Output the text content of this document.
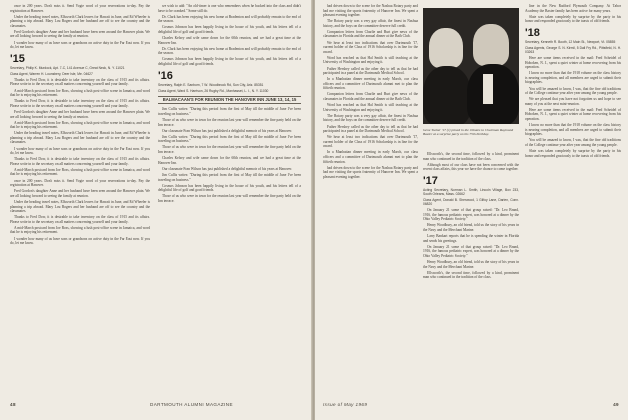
once in 200 years. Don't miss it. Send Vogie word of your reservations to-day. Pay the registration at Hanover.

Under the heading travel notes, Ellsworth Clark leaves for Hawaii in June, and Ed Wheeler is planning a trip abroad. Mary Lou Rogers and her husband are off to see the country and the classmates.

Fred Gordon's daughter Anne and her husband have been seen around the Hanover plain. We are all looking forward to seeing the family at reunion.

I wonder how many of us have sons or grandsons on active duty in the Far East now. If you do, let me know.

'15

Secretary, Philip K. Murdock, Apt. 7-C, 141 Avenue C, Great Neck, N. Y. 11021

Class Agent, Warren H. Lounsbery, Deer Isle, Me. 04627

Thanks to Fred Dow, it is desirable to take inventory on the class of 1915 and its affairs. Please write in to the secretary on all matters concerning yourself and your family.

A mid-March postcard from Joe Ross, showing a lush post-office scene in Jamaica, and word that he is enjoying his retirement.

Thanks to Fred Dow, it is desirable to take inventory on the class of 1915 and its affairs. Please write in to the secretary on all matters concerning yourself and your family.

Fred Gordon's daughter Anne and her husband have been seen around the Hanover plain. We are all looking forward to seeing the family at reunion.

A mid-March postcard from Joe Ross, showing a lush post-office scene in Jamaica, and word that he is enjoying his retirement.

Under the heading travel notes, Ellsworth Clark leaves for Hawaii in June, and Ed Wheeler is planning a trip abroad. Mary Lou Rogers and her husband are off to see the country and the classmates.

I wonder how many of us have sons or grandsons on active duty in the Far East now. If you do, let me know.

Thanks to Fred Dow, it is desirable to take inventory on the class of 1915 and its affairs. Please write in to the secretary on all matters concerning yourself and your family.

A mid-March postcard from Joe Ross, showing a lush post-office scene in Jamaica, and word that he is enjoying his retirement.

once in 200 years. Don't miss it. Send Vogie word of your reservations to-day. Pay the registration at Hanover.

Fred Gordon's daughter Anne and her husband have been seen around the Hanover plain. We are all looking forward to seeing the family at reunion.

Under the heading travel notes, Ellsworth Clark leaves for Hawaii in June, and Ed Wheeler is planning a trip abroad. Mary Lou Rogers and her husband are off to see the country and the classmates.

Thanks to Fred Dow, it is desirable to take inventory on the class of 1915 and its affairs. Please write in to the secretary on all matters concerning yourself and your family.

A mid-March postcard from Joe Ross, showing a lush post-office scene in Jamaica, and word that he is enjoying his retirement.

I wonder how many of us have sons or grandsons on active duty in the Far East now. If you do, let me know.

we wish to add: "An old-timer is one who remembers when he backed into the class and didn't have to be cranked." Some still do.

Dr. Clark has been enjoying his new home at Bradenton and will probably remain to the end of the season.

Cosmos Johnson has been happily living in the house of his youth, and his letters tell of a delightful life of golf and good friends.

Charles Kelsey and wife came down for the 60th reunion, and we had a great time at the Hanover Inn.

Dr. Clark has been enjoying his new home at Bradenton and will probably remain to the end of the season.

Cosmos Johnson has been happily living in the house of his youth, and his letters tell of a delightful life of golf and good friends.

'16

Secretary, Ralph E. Sanborn, 7 W. Woodbrook Rd, Sun City, Ariz. 85351

Class Agent, Ward S. Harrison, 26 Rugby Rd., Manhasset, L. I., N. Y. 11030

BALMACAAN'S FOR REUNION THE HANOVER INN JUNE 13, 14, 15

Jim Cullis writes: "During this period from the first of May till the middle of June I've been traveling on business."

Those of us who were in town for the reunion last year will remember the fine party held on the Inn terrace.

Our classmate Fran Wilson has just published a delightful memoir of his years at Hanover.

Jim Cullis writes: "During this period from the first of May till the middle of June I've been traveling on business."

Those of us who were in town for the reunion last year will remember the fine party held on the Inn terrace.

Charles Kelsey and wife came down for the 60th reunion, and we had a great time at the Hanover Inn.

Our classmate Fran Wilson has just published a delightful memoir of his years at Hanover.

Jim Cullis writes: "During this period from the first of May till the middle of June I've been traveling on business."

Cosmos Johnson has been happily living in the house of his youth, and his letters tell of a delightful life of golf and good friends.

Those of us who were in town for the reunion last year will remember the fine party held on the Inn terrace.

48	DARTMOUTH ALUMNI MAGAZINE

had driven down to the scene for the Nashua Rotary party and had me visiting the sports fraternity of Hanover Inn. We spent a pleasant evening together.

The Rotary party was a very gay affair, the finest in Nashua history, and the boys on the committee deserve full credit.

Companion letters from Charlie and Burt give news of the classmates in Florida and the annual dinner at the Bath Club.

We hear at least two indications that over Dartmouth '17, current holder of the Class of 1916 Scholarship is in line for the award.

Word has reached us that Hal Smith is still teaching at the University of Washington and enjoying it.

Father Hershey called us the other day to tell us that he had participated in a panel at the Dartmouth Medical School.

In a Manhattan dinner meeting in early March, our class officers and a committee of Dartmouth alumni met to plan the fiftieth reunion.

Companion letters from Charlie and Burt give news of the classmates in Florida and the annual dinner at the Bath Club.

Word has reached us that Hal Smith is still teaching at the University of Washington and enjoying it.

The Rotary party was a very gay affair, the finest in Nashua history, and the boys on the committee deserve full credit.

Father Hershey called us the other day to tell us that he had participated in a panel at the Dartmouth Medical School.

We hear at least two indications that over Dartmouth '17, current holder of the Class of 1916 Scholarship is in line for the award.

In a Manhattan dinner meeting in early March, our class officers and a committee of Dartmouth alumni met to plan the fiftieth reunion.

had driven down to the scene for the Nashua Rotary party and had me visiting the sports fraternity of Hanover Inn. We spent a pleasant evening together.

Gene Tucker '17 (r) joined in the tributes to Chairman Raymond Baxter at a surprise party on his 75th birthday.

Ellsworth's, the second time, followed by a kind, prominent man who continued in the tradition of the class.

Although most of our class have not been concerned with the recent class affairs, this year we have the chance to come together.

'17

Acting Secretary, Norman L. Smith, Lincoln Village, Box 233, South Orleans, Mass. 02662

Class Agent, Donald B. Sherwood, 1 Gilfoy Lane, Darien, Conn. 06820

On January 21 some of that group raised: "Dr. Leo Brand, 1916, the famous pediatric expert, was honored at a dinner by the Ohio Valley Pediatric Society."

Henry Woodbury, an old friend, told us the story of his years in the Navy and the Merchant Marine.

Larry Bankart reports that he is spending the winter in Florida and sends his greetings.

On January 21 some of that group raised: "Dr. Leo Brand, 1916, the famous pediatric expert, was honored at a dinner by the Ohio Valley Pediatric Society."

Henry Woodbury, an old friend, told us the story of his years in the Navy and the Merchant Marine.

Ellsworth's, the second time, followed by a kind, prominent man who continued in the tradition of the class.

line in the New Radford Plymouth Company. At Tabor Academy the Baxter family has been active for many years.

Slate was taken completely by surprise by the party in his honor and responded graciously to the toasts of old friends.

'18

Secretary, Kenneth R. Booth, 12 Main St., Newport, Vt. 05855

Class Agents, George S. N. Kirmil, 5 Dall Fry Rd., Pittsfield, N. H. 03263

Here are some items received in the mail: Fred Scheidel of Hoboken, N. J., spent a quiet winter at home recovering from his operation.

I know no more than that the 1918 volume on the class history is nearing completion, and all members are urged to submit their biographies.

You will be amazed to know, I was, that the fine old traditions of the College continue year after year among the young people.

We are pleased that you have not forgotten us and hope to see many of you at the next mini-reunion.

Here are some items received in the mail: Fred Scheidel of Hoboken, N. J., spent a quiet winter at home recovering from his operation.

I know no more than that the 1918 volume on the class history is nearing completion, and all members are urged to submit their biographies.

You will be amazed to know, I was, that the fine old traditions of the College continue year after year among the young people.

Slate was taken completely by surprise by the party in his honor and responded graciously to the toasts of old friends.

Issue of May 1969	49
